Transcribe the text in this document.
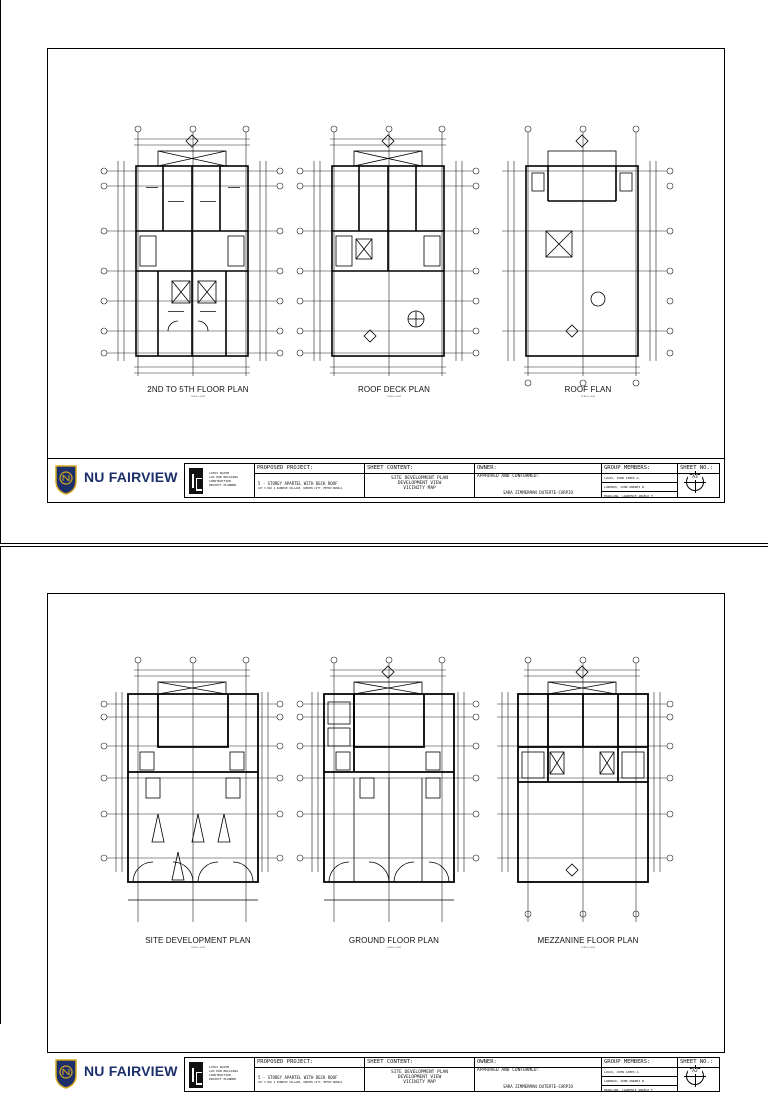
2ND TO 5TH FLOOR PLAN
SCALE 1:100M
ROOF DECK PLAN
SCALE 1:100M
ROOF FLAN
SCALE 1:100M
NU FAIRVIEW	LOTUS BLOOM
LUX PUB BUILDING
CONSTRUCTION
PROJECT PLANNER
PROPOSED PROJECT:
5 - STOREY APARTEL WITH DECK ROOF
LOT 5 BLK 2 SUNRISE VILLAGE, QUEZON CITY, METRO MANILA
SHEET CONTENT:
SITE DEVELOPMENT PLAN
DEVELOPMENT VIEW
VICINITY MAP
OWNER:
APPROVED AND CONFORMED:
SARA ZIMMERMAN DUTERTE-CARPIO
GROUP MEMBERS:
LUCAS, JOHN JAMES A.
LORENZO, JOHN ANDREI N.
MANALANG, LAWRENCE ANGELO F.
SHEET NO.:
A3
SITE DEVELOPMENT PLAN
SCALE 1:100M
GROUND FLOOR PLAN
SCALE 1:100M
MEZZANINE FLOOR PLAN
SCALE 1:100M
NU FAIRVIEW	LOTUS BLOOM
LUX PUB BUILDING
CONSTRUCTION
PROJECT PLANNER
PROPOSED PROJECT:
5 - STOREY APARTEL WITH DECK ROOF
LOT 5 BLK 2 SUNRISE VILLAGE, QUEZON CITY, METRO MANILA
SHEET CONTENT:
SITE DEVELOPMENT PLAN
DEVELOPMENT VIEW
VICINITY MAP
OWNER:
APPROVED AND CONFORMED:
SARA ZIMMERMAN DUTERTE-CARPIO
GROUP MEMBERS:
LUCAS, JOHN JAMES A.
LORENZO, JOHN ANDREI N.
MANALANG, LAWRENCE ANGELO F.
SHEET NO.:
A2
